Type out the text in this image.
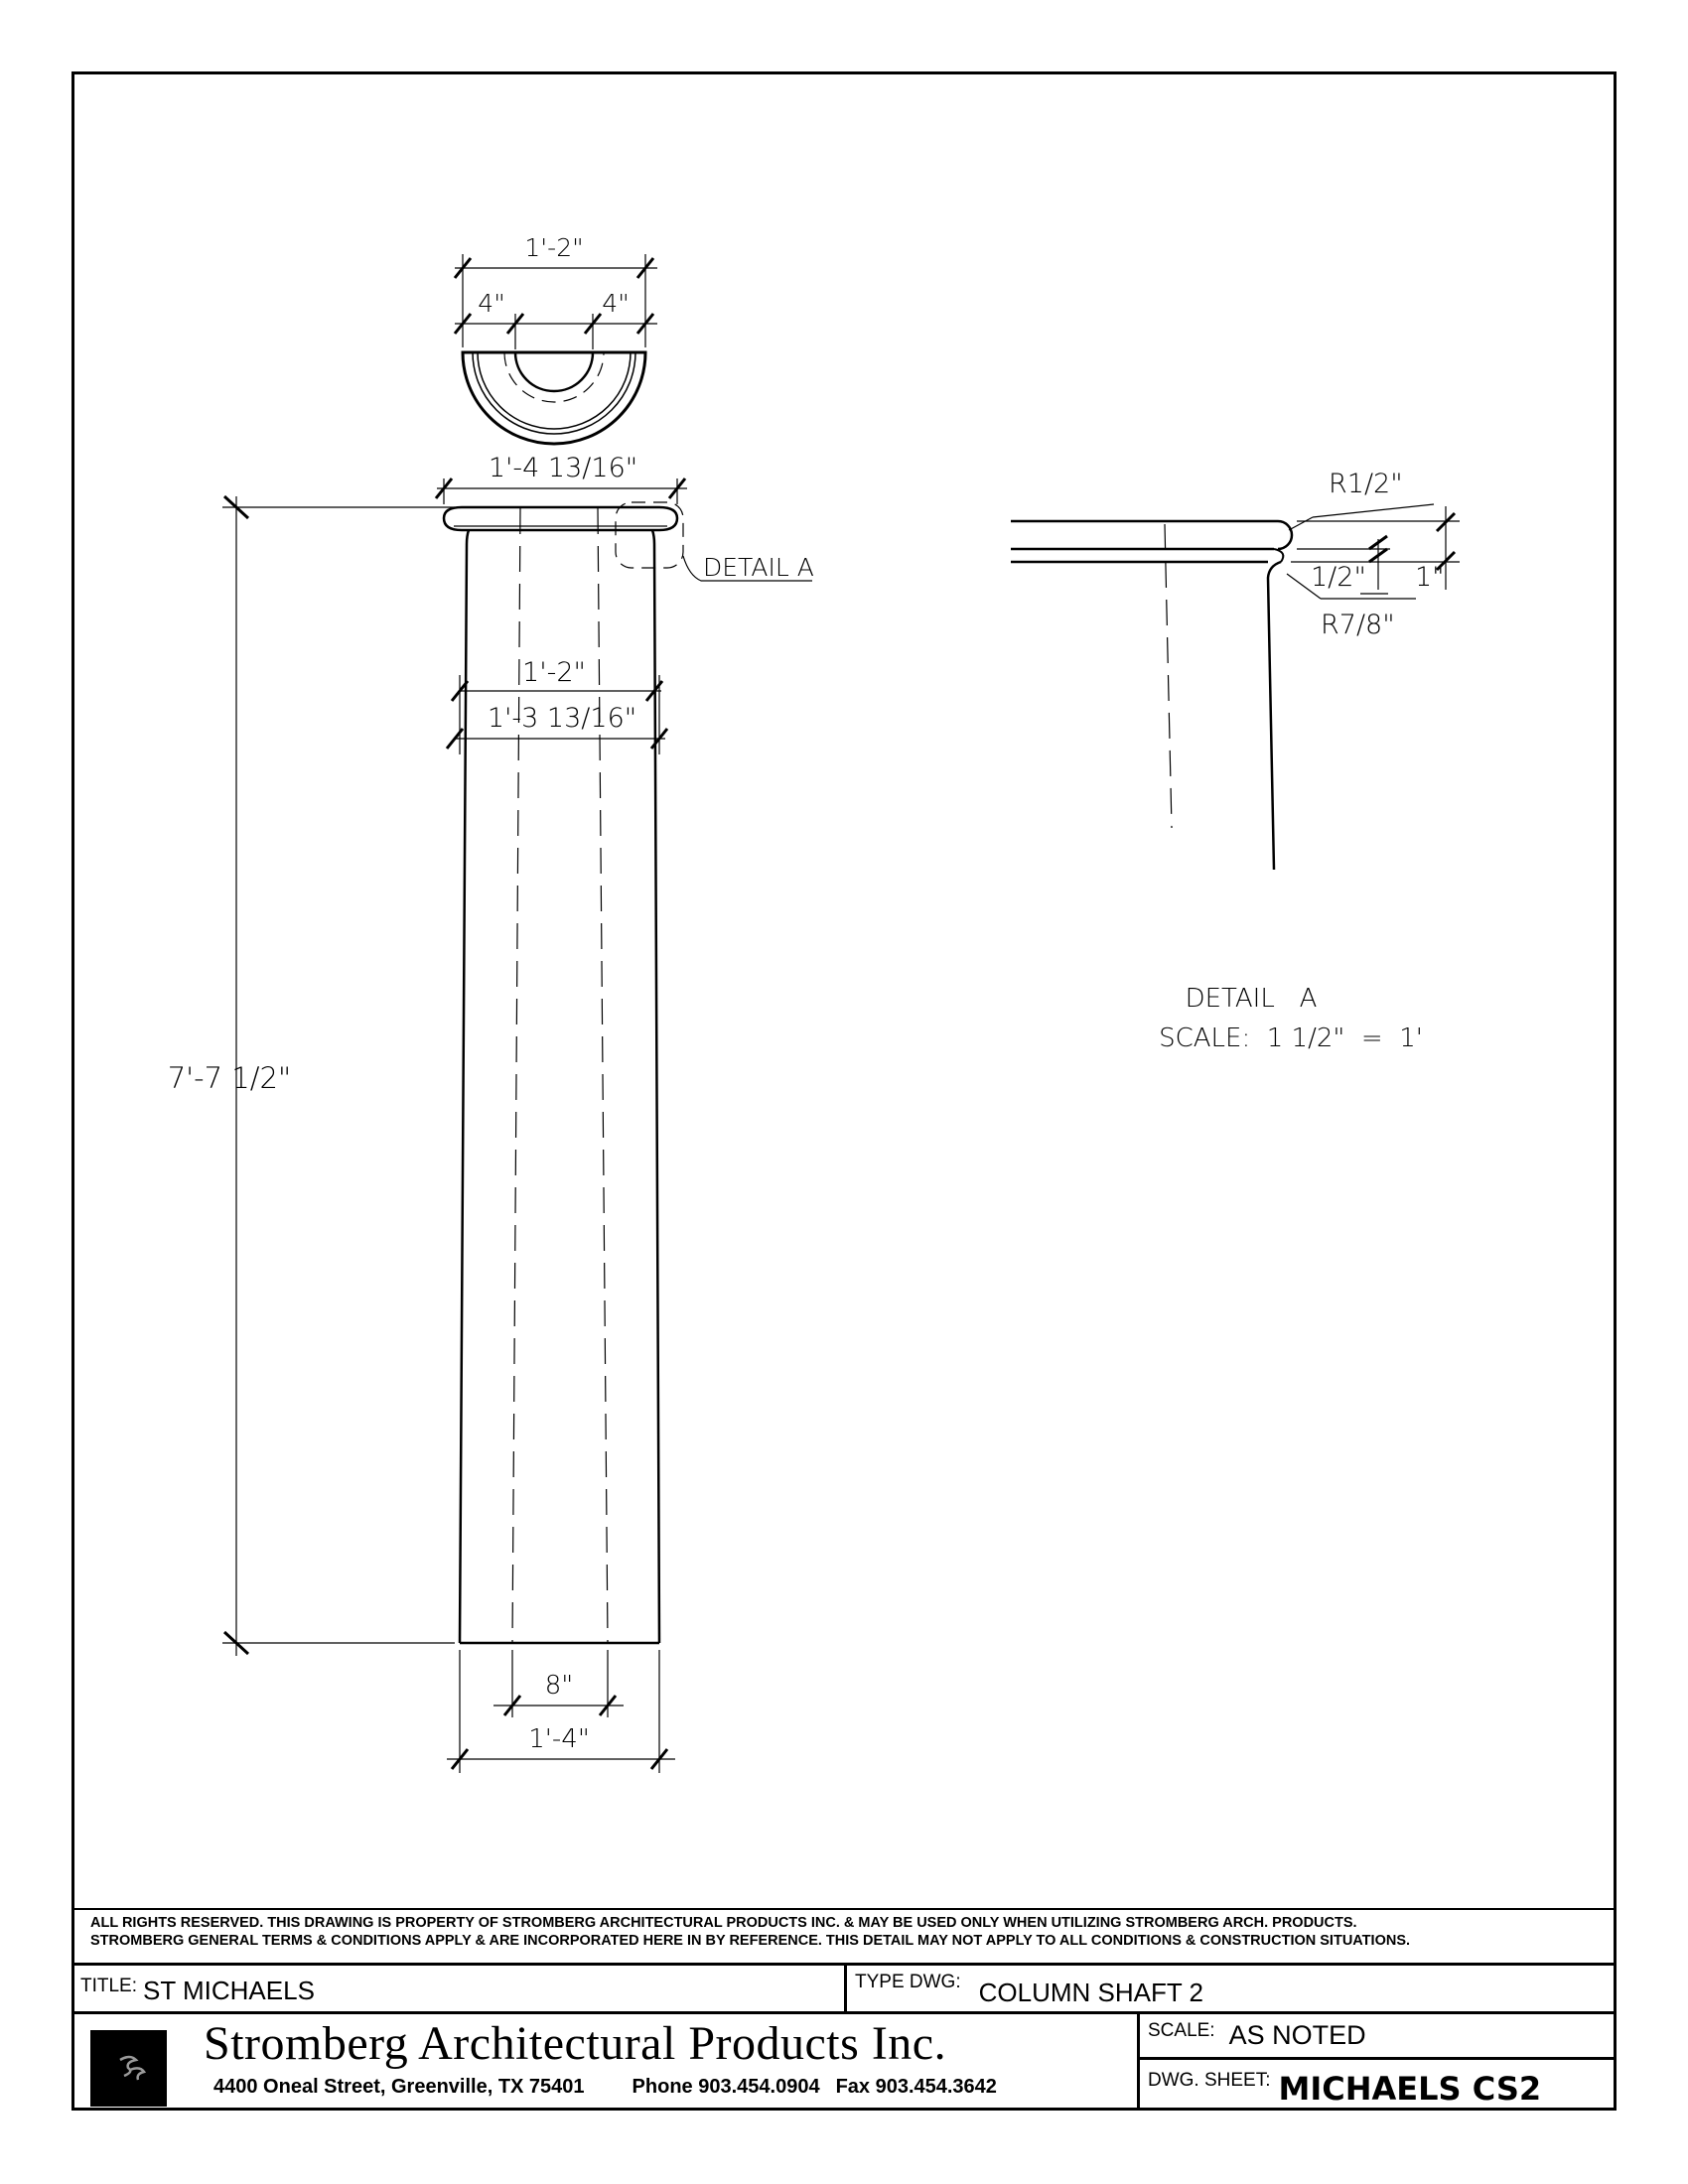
1'-2"
4"	4"
1'-4 13/16"
DETAIL A
1'-2"
1'-3 13/16"
7'-7 1/2"
8"
1'-4"
R1/2"
1/2" 1"
R7/8"
DETAIL   A
SCALE:  1 1/2"  =  1'
ALL RIGHTS RESERVED. THIS DRAWING IS PROPERTY OF STROMBERG ARCHITECTURAL PRODUCTS INC. & MAY BE USED ONLY WHEN UTILIZING STROMBERG ARCH. PRODUCTS.
STROMBERG GENERAL TERMS & CONDITIONS APPLY & ARE INCORPORATED HERE IN BY REFERENCE. THIS DETAIL MAY NOT APPLY TO ALL CONDITIONS & CONSTRUCTION SITUATIONS.
TITLE: ST MICHAELS	TYPE DWG: COLUMN SHAFT 2
Stromberg Architectural Products Inc.
4400 Oneal Street, Greenville, TX 75401 Phone 903.454.0904 Fax 903.454.3642
SCALE: AS NOTED
DWG. SHEET: MICHAELS CS2
